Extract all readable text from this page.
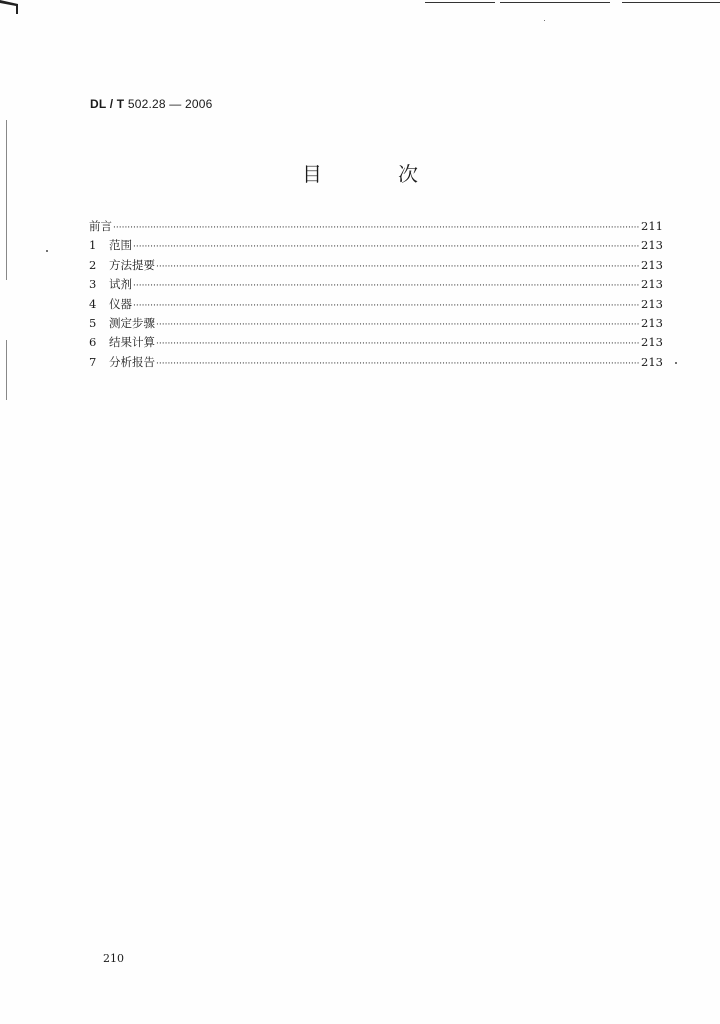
DL / T 502.28 — 2006
目　次
前言 ·····	211
1	范围 ·····	213
2	方法提要 ·····	213
3	试剂 ·····	213
4	仪器 ·····	213
5	测定步骤 ·····	213
6	结果计算 ·····	213
7	分析报告 ·····	213
210
